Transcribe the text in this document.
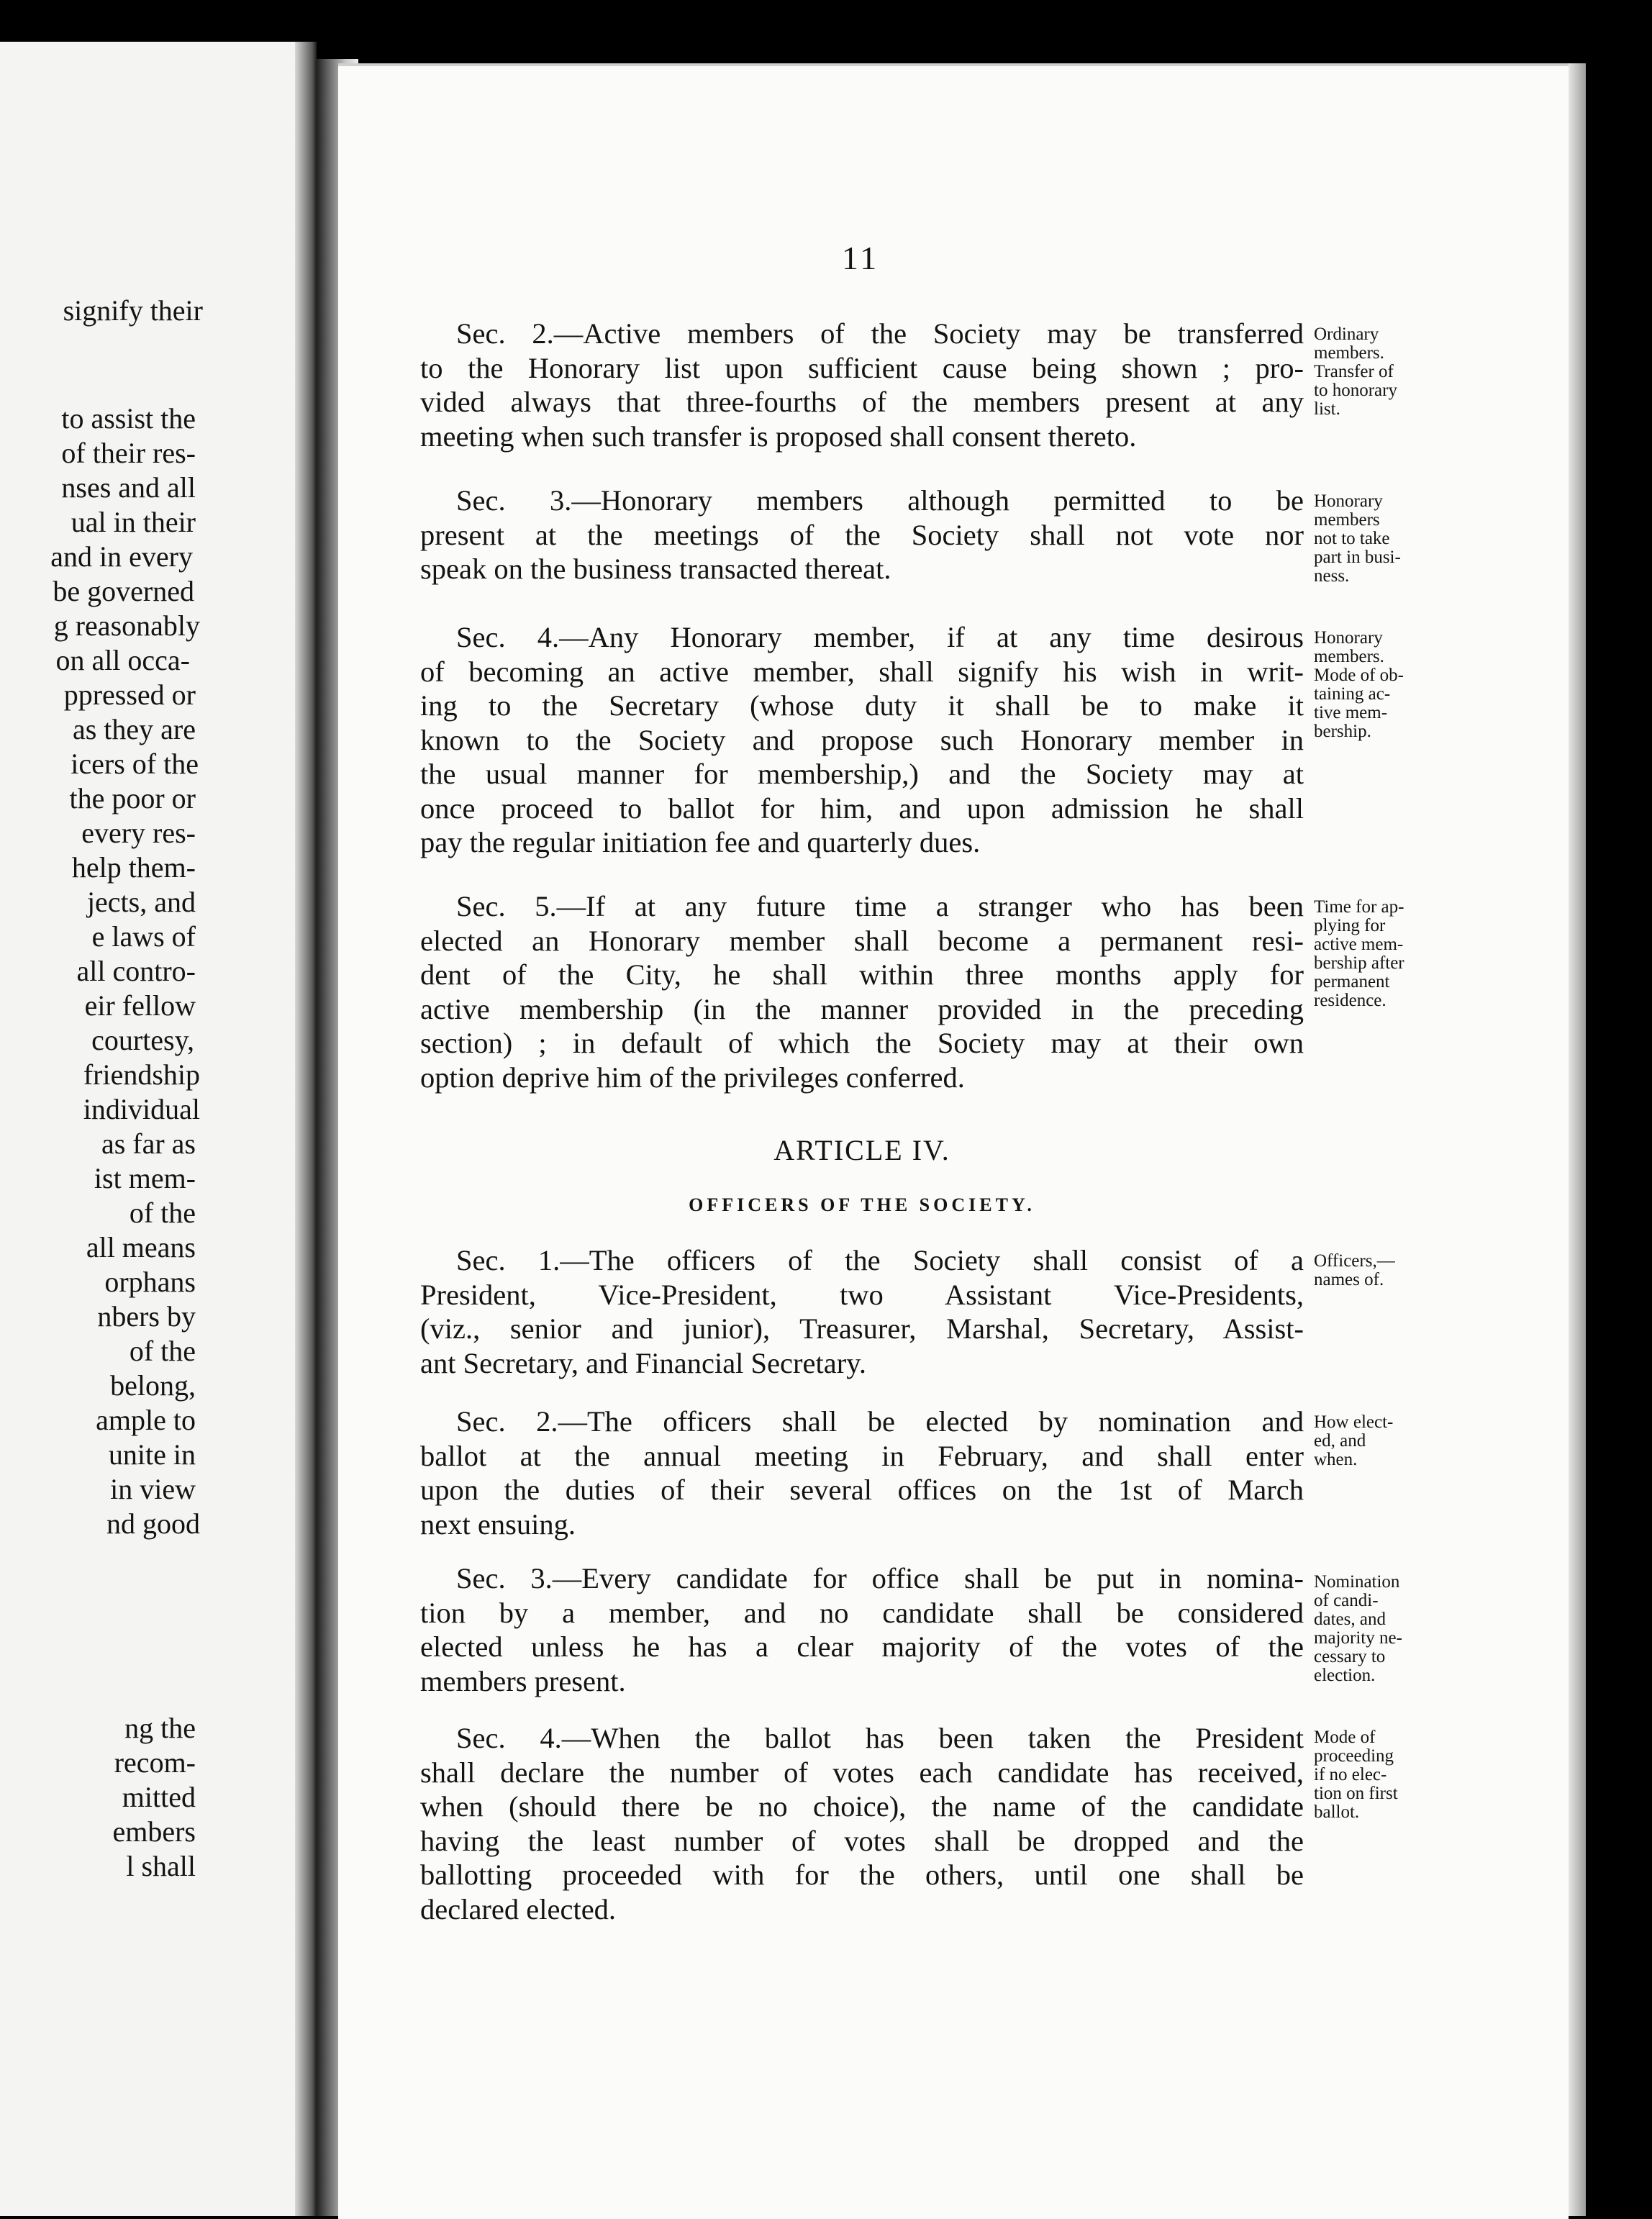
signify their
to assist the
of their res-
nses and all
ual in their
and in every
be governed
g reasonably
on all occa-
ppressed or
as they are
icers of the
the poor or
every res-
help them-
jects, and
e laws of
all contro-
eir fellow
courtesy,
friendship
individual
as far as
ist mem-
of the
all means
orphans
nbers by
of the
belong,
ample to
unite in
in view
nd good
ng the
recom-
mitted
embers
l shall
11
Sec. 2.—Active members of the Society may be transferred
to the Honorary list upon sufficient cause being shown ; pro-
vided always that three-fourths of the members present at any
meeting when such transfer is proposed shall consent thereto.
Ordinary
members.
Transfer of
to honorary
list.
Sec. 3.—Honorary members although permitted to be
present at the meetings of the Society shall not vote nor
speak on the business transacted thereat.
Honorary
members
not to take
part in busi-
ness.
Sec. 4.—Any Honorary member, if at any time desirous
of becoming an active member, shall signify his wish in writ-
ing to the Secretary (whose duty it shall be to make it
known to the Society and propose such Honorary member in
the usual manner for membership,) and the Society may at
once proceed to ballot for him, and upon admission he shall
pay the regular initiation fee and quarterly dues.
Honorary
members.
Mode of ob-
taining ac-
tive mem-
bership.
Sec. 5.—If at any future time a stranger who has been
elected an Honorary member shall become a permanent resi-
dent of the City, he shall within three months apply for
active membership (in the manner provided in the preceding
section) ; in default of which the Society may at their own
option deprive him of the privileges conferred.
Time for ap-
plying for
active mem-
bership after
permanent
residence.
Sec. 1.—The officers of the Society shall consist of a
President, Vice-President, two Assistant Vice-Presidents,
(viz., senior and junior), Treasurer, Marshal, Secretary, Assist-
ant Secretary, and Financial Secretary.
Officers,—
names of.
Sec. 2.—The officers shall be elected by nomination and
ballot at the annual meeting in February, and shall enter
upon the duties of their several offices on the 1st of March
next ensuing.
How elect-
ed, and
when.
Sec. 3.—Every candidate for office shall be put in nomina-
tion by a member, and no candidate shall be considered
elected unless he has a clear majority of the votes of the
members present.
Nomination
of candi-
dates, and
majority ne-
cessary to
election.
Sec. 4.—When the ballot has been taken the President
shall declare the number of votes each candidate has received,
when (should there be no choice), the name of the candidate
having the least number of votes shall be dropped and the
ballotting proceeded with for the others, until one shall be
declared elected.
Mode of
proceeding
if no elec-
tion on first
ballot.
ARTICLE IV.
OFFICERS OF THE SOCIETY.
